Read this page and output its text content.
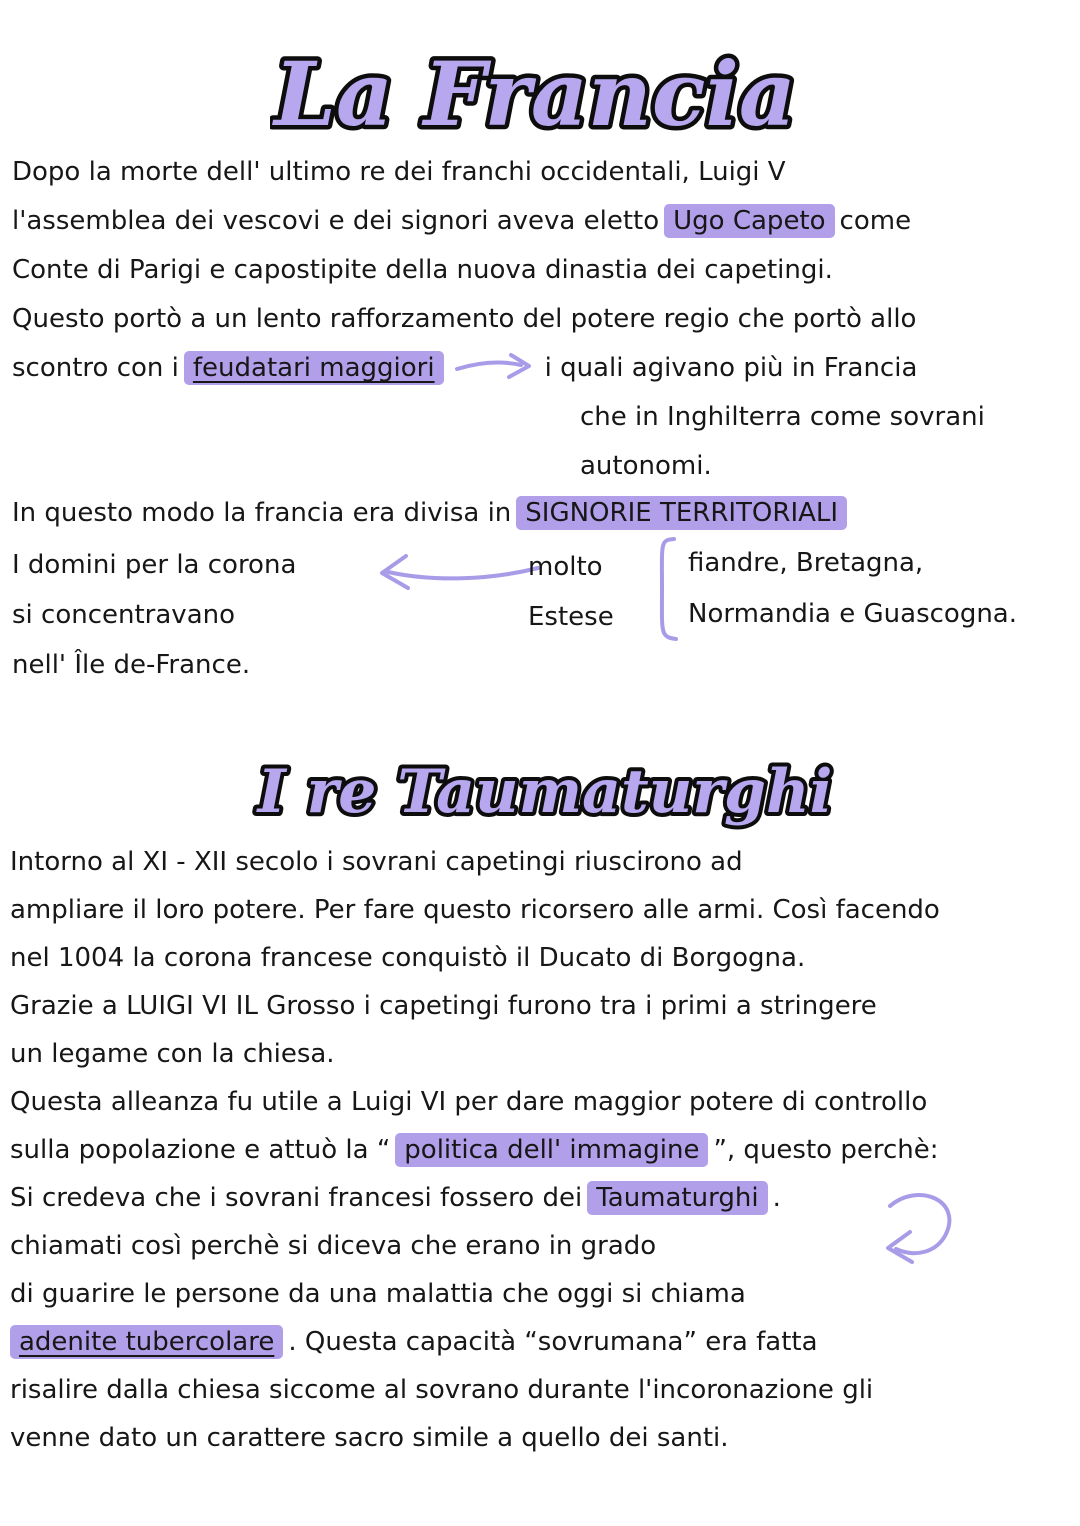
La Francia
Dopo la morte dell' ultimo re dei franchi occidentali, Luigi V
l'assemblea dei vescovi e dei signori aveva eletto Ugo Capeto come
Conte di Parigi e capostipite della nuova dinastia dei capetingi.
Questo portò a un lento rafforzamento del potere regio che portò allo
scontro con i feudatari maggiori	i quali agivano più in Francia
che in Inghilterra come sovrani
autonomi.
In questo modo la francia era divisa in SIGNORIE TERRITORIALI
I domini per la corona
si concentravano
nell' Île de-France.
molto
Estese
fiandre, Bretagna,
Normandia e Guascogna.
I re Taumaturghi
Intorno al XI - XII secolo i sovrani capetingi riuscirono ad
ampliare il loro potere. Per fare questo ricorsero alle armi. Così facendo
nel 1004 la corona francese conquistò il Ducato di Borgogna.
Grazie a LUIGI VI IL Grosso i capetingi furono tra i primi a stringere
un legame con la chiesa.
Questa alleanza fu utile a Luigi VI per dare maggior potere di controllo
sulla popolazione e attuò la “ politica dell' immagine ”, questo perchè:
Si credeva che i sovrani francesi fossero dei Taumaturghi .
chiamati così perchè si diceva che erano in grado
di guarire le persone da una malattia che oggi si chiama
adenite tubercolare . Questa capacità “sovrumana” era fatta
risalire dalla chiesa siccome al sovrano durante l'incoronazione gli
venne dato un carattere sacro simile a quello dei santi.
